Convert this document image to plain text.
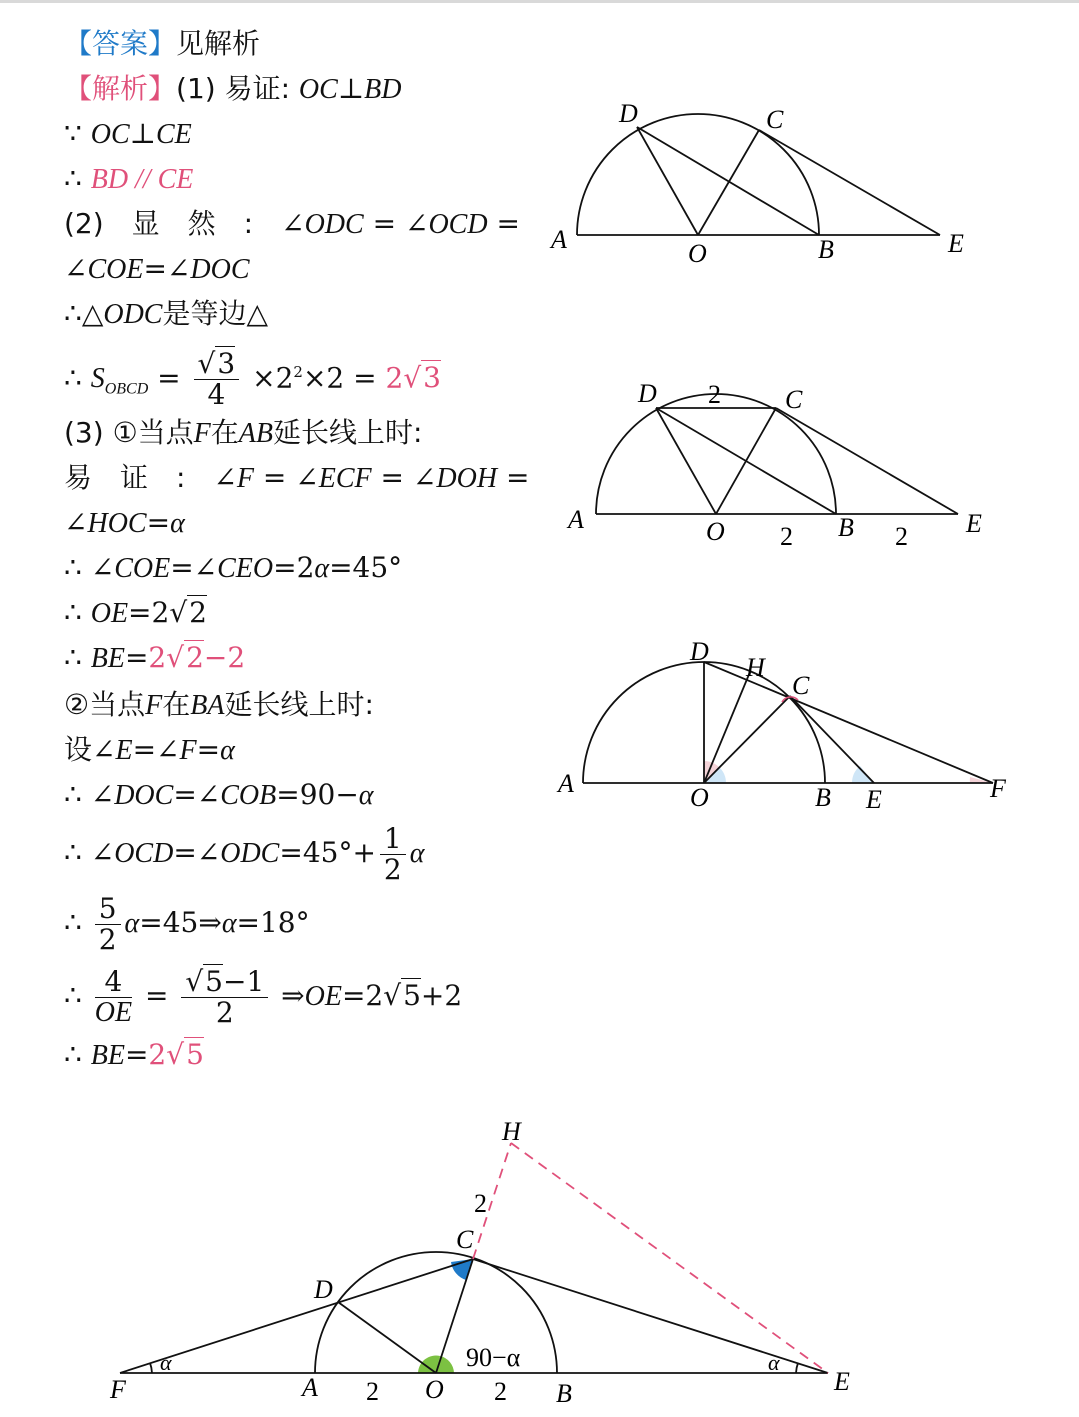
【答案】见解析
【解析】(1) 易证: OC⊥BD
∵ OC⊥CE
∴ BD // CE
(2)　显　然　:　∠ODC = ∠OCD =
∠COE=∠DOC
∴△ODC是等边△
∴ $S_{OBCD} = \frac{√3}{4} \times 2^2\times 2 = 2√3$
(3) ①当点F在AB延长线上时:
易　证　:　∠F = ∠ECF = ∠DOH =
∠HOC=α
∴ ∠COE=∠CEO=2α=45°
∴ OE=2√2
∴ BE=2√2−2
②当点F在BA延长线上时:
设∠E=∠F=α
∴ ∠DOC=∠COB=90−α
∴ ∠OCD=∠ODC=45°+ $\frac{1}{2}$ α
∴ $\frac{5}{2}$ α=45⇒α=18°
∴ $\frac{4}{OE} = \frac{√5-1}{2}$ ⇒OE=2√5+2
∴ BE=2√5
A	O	B	E
D	C
A	O	B	E
D	C
2
2	2
A	O	B E	F
D
H
C
F	A	O	B	E
D
C
H
2	2
2
α	α
90−α
